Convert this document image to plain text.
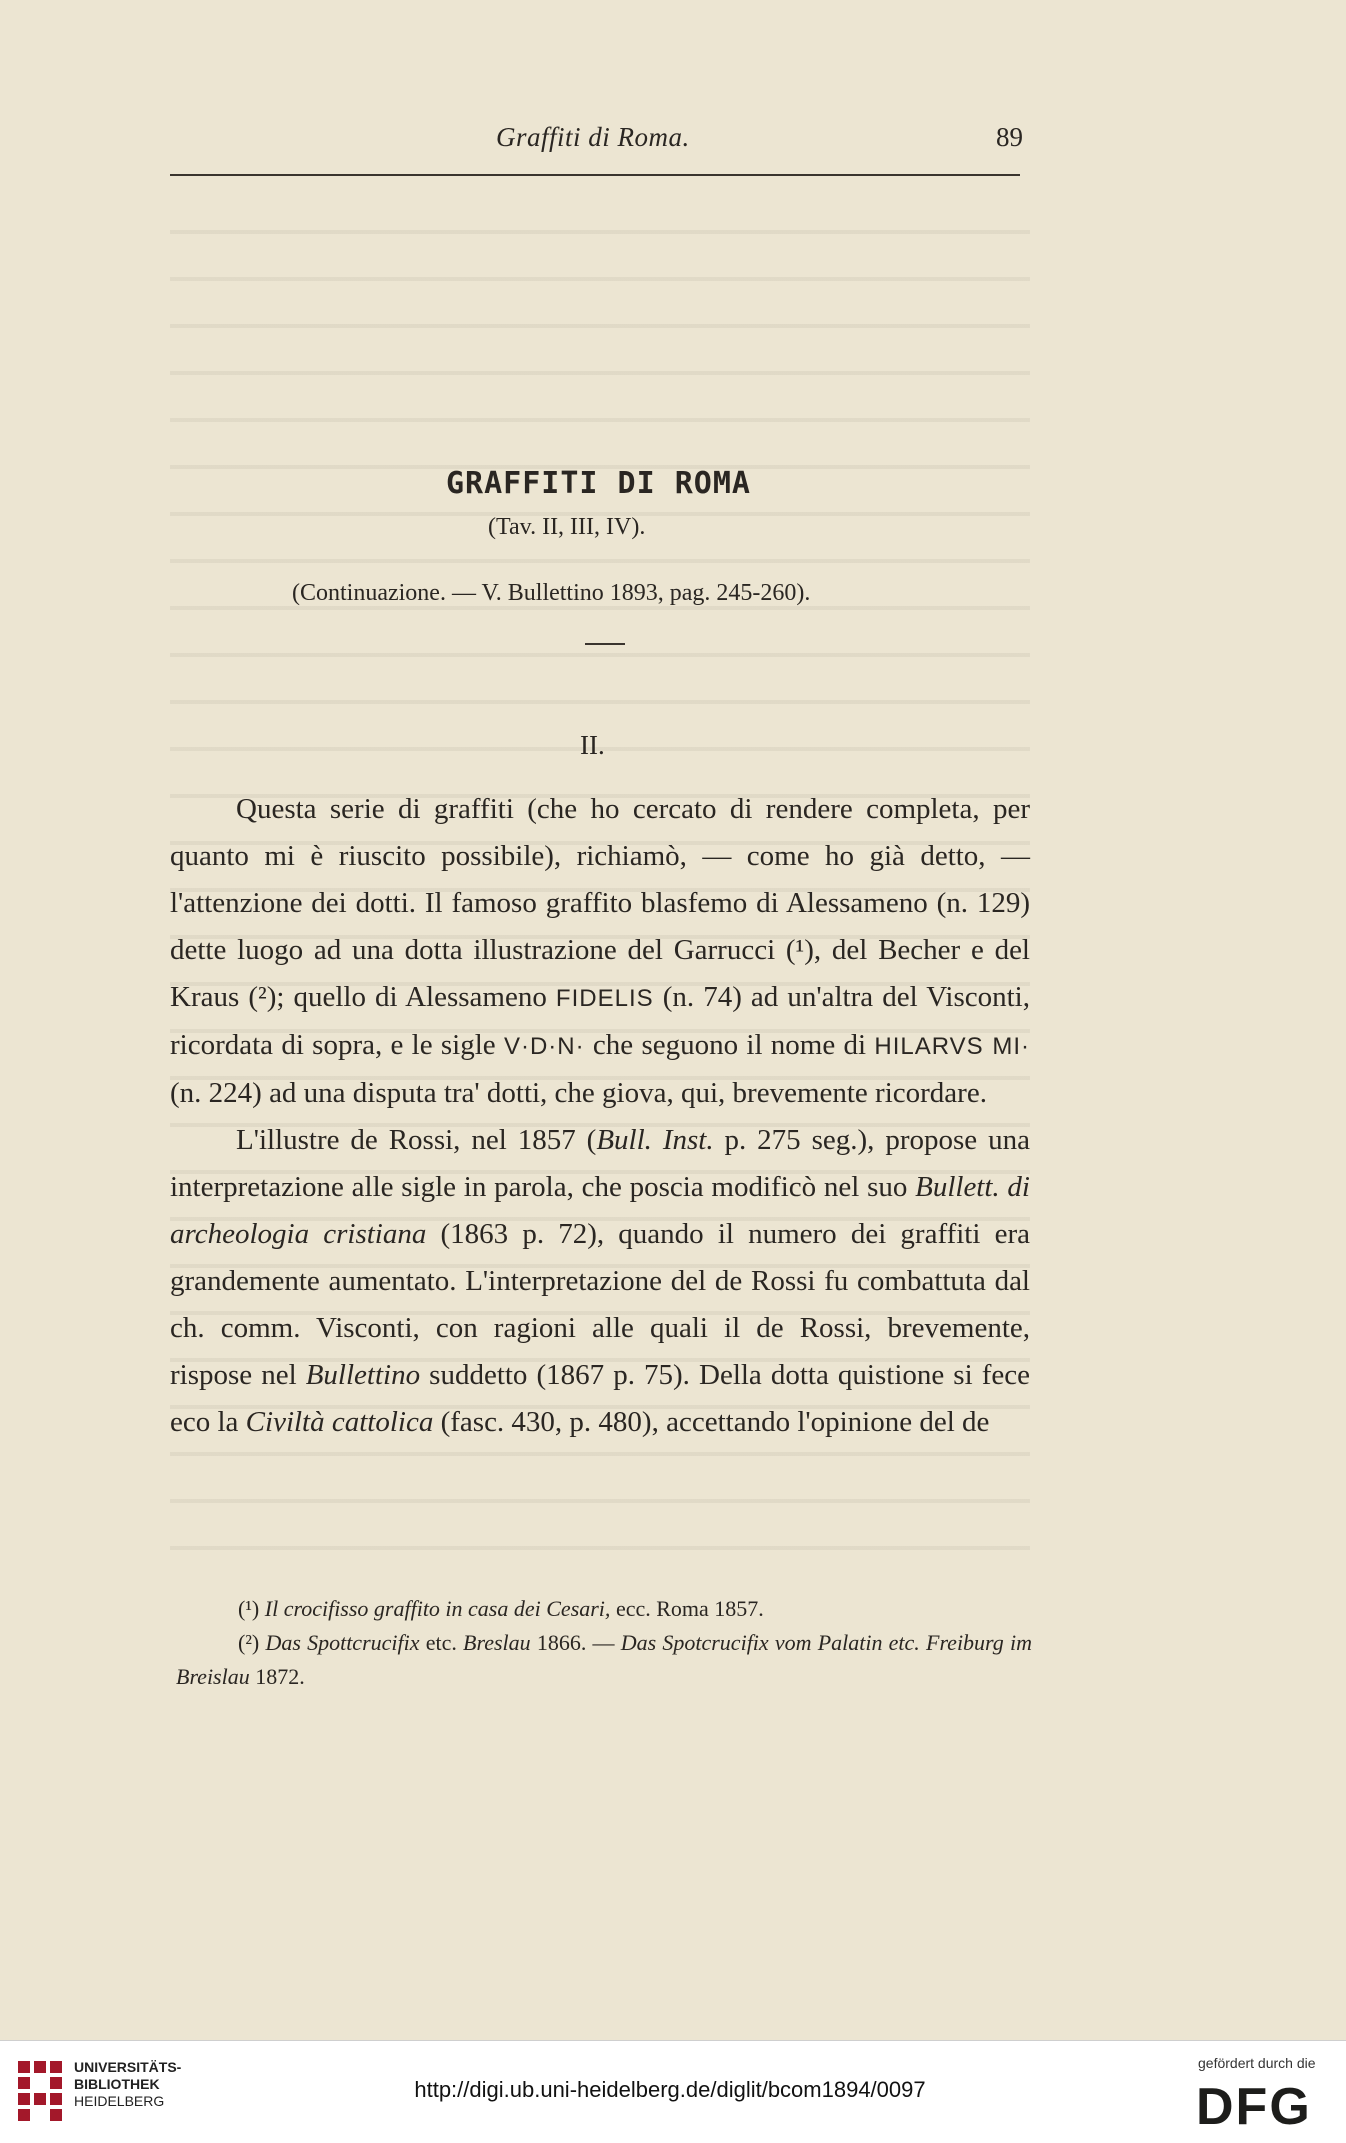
Graffiti di Roma.	89
GRAFFITI DI ROMA
(Tav. II, III, IV).
(Continuazione. — V. Bullettino 1893, pag. 245-260).
II.

Questa serie di graffiti (che ho cercato di rendere completa, per quanto mi è riuscito possibile), richiamò, — come ho già detto, — l'attenzione dei dotti. Il famoso graffito blasfemo di Alessameno (n. 129) dette luogo ad una dotta illustrazione del Garrucci (¹), del Becher e del Kraus (²); quello di Alessameno FIDELIS (n. 74) ad un'altra del Visconti, ricordata di sopra, e le sigle V·D·N· che seguono il nome di HILARVS MI· (n. 224) ad una disputa tra' dotti, che giova, qui, brevemente ricordare.

L'illustre de Rossi, nel 1857 (Bull. Inst. p. 275 seg.), propose una interpretazione alle sigle in parola, che poscia modificò nel suo Bullett. di archeologia cristiana (1863 p. 72), quando il numero dei graffiti era grandemente aumentato. L'interpretazione del de Rossi fu combattuta dal ch. comm. Visconti, con ragioni alle quali il de Rossi, brevemente, rispose nel Bullettino suddetto (1867 p. 75). Della dotta quistione si fece eco la Civiltà cattolica (fasc. 430, p. 480), accettando l'opinione del de

(¹) Il crocifisso graffito in casa dei Cesari, ecc. Roma 1857.

(²) Das Spottcrucifix etc. Breslau 1866. — Das Spotcrucifix vom Palatin etc. Freiburg im Breislau 1872.

UNIVERSITÄTS-
BIBLIOTHEK
HEIDELBERG	http://digi.ub.uni-heidelberg.de/diglit/bcom1894/0097
gefördert durch die
DFG
